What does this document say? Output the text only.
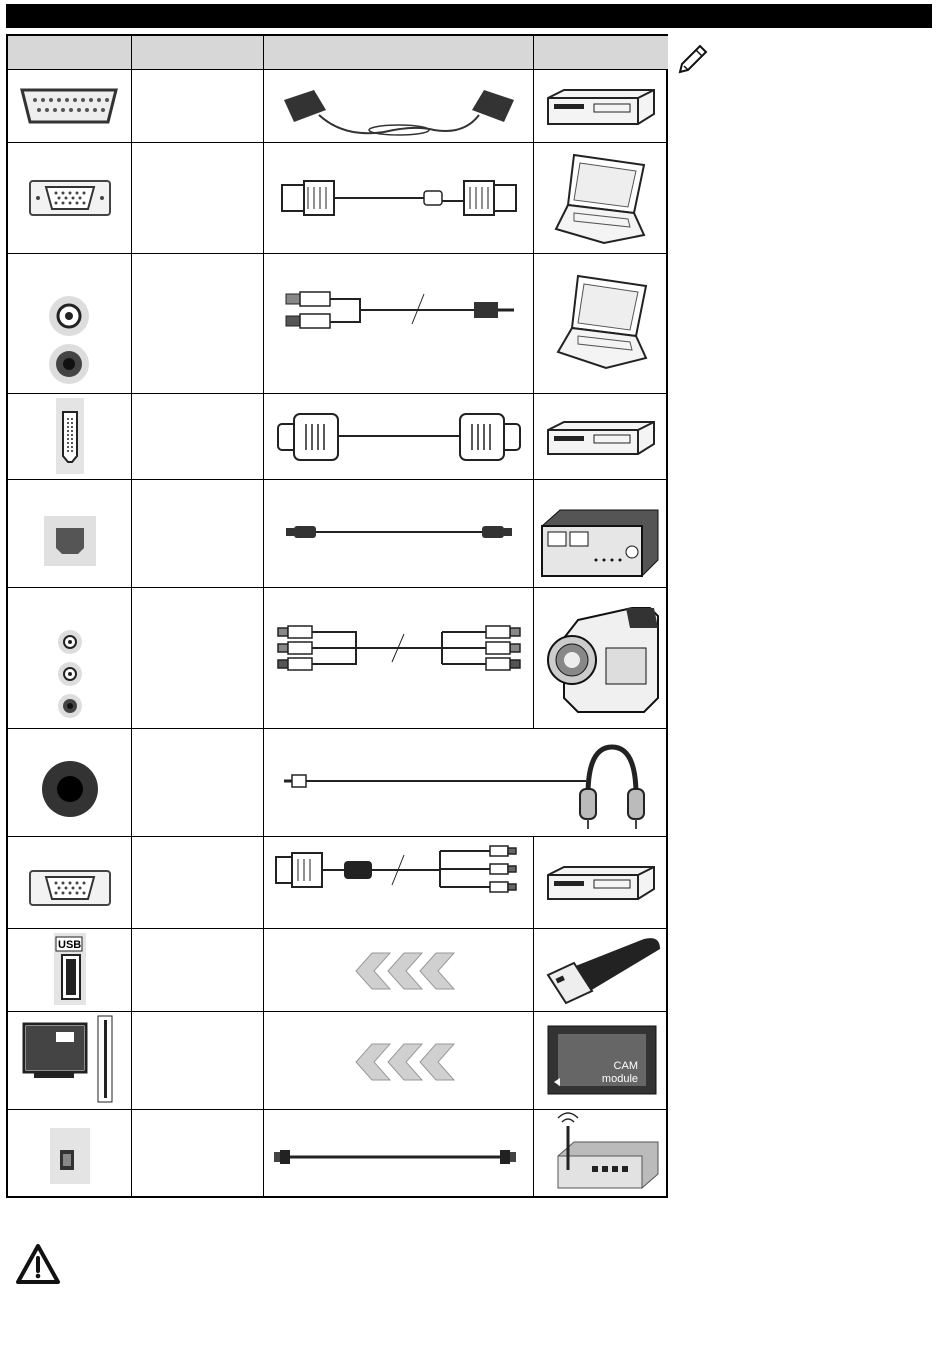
USB
CAM
module
